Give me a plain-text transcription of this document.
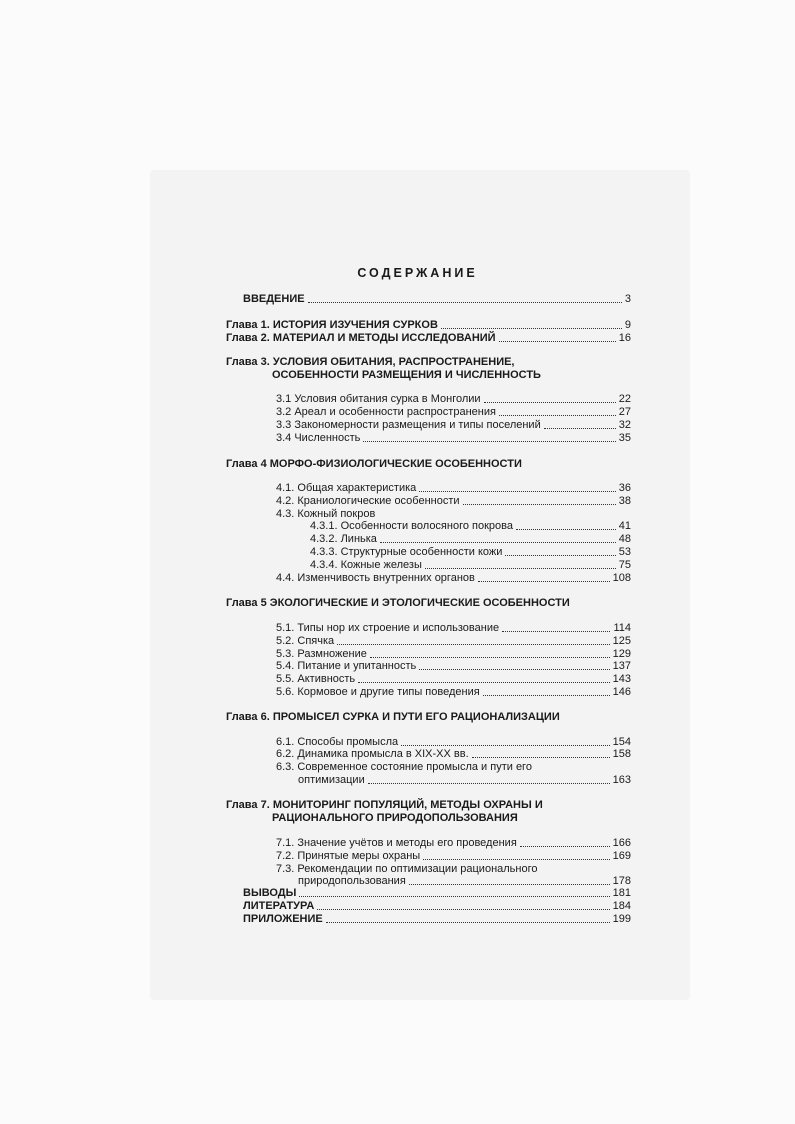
СОДЕРЖАНИЕ
ВВЕДЕНИЕ	3
Глава 1. ИСТОРИЯ ИЗУЧЕНИЯ СУРКОВ	9
Глава 2. МАТЕРИАЛ И МЕТОДЫ ИССЛЕДОВАНИЙ	16
Глава 3. УСЛОВИЯ ОБИТАНИЯ, РАСПРОСТРАНЕНИЕ,
ОСОБЕННОСТИ РАЗМЕЩЕНИЯ И ЧИСЛЕННОСТЬ
3.1 Условия обитания сурка в Монголии	22
3.2 Ареал и особенности распространения	27
3.3 Закономерности размещения и типы поселений	32
3.4 Численность	35
Глава 4 МОРФО-ФИЗИОЛОГИЧЕСКИЕ ОСОБЕННОСТИ
4.1. Общая характеристика	36
4.2. Краниологические особенности	38
4.3. Кожный покров
4.3.1. Особенности волосяного покрова	41
4.3.2. Линька	48
4.3.3. Структурные особенности кожи	53
4.3.4. Кожные железы	75
4.4. Изменчивость внутренних органов	108
Глава 5 ЭКОЛОГИЧЕСКИЕ И ЭТОЛОГИЧЕСКИЕ ОСОБЕННОСТИ
5.1. Типы нор их строение и использование	114
5.2. Спячка	125
5.3. Размножение	129
5.4. Питание и упитанность	137
5.5. Активность	143
5.6. Кормовое и другие типы поведения	146
Глава 6. ПРОМЫСЕЛ СУРКА И ПУТИ ЕГО РАЦИОНАЛИЗАЦИИ
6.1. Способы промысла	154
6.2. Динамика промысла в XIX-XX вв.	158
6.3. Современное состояние промысла и пути его
оптимизации	163
Глава 7. МОНИТОРИНГ ПОПУЛЯЦИЙ, МЕТОДЫ ОХРАНЫ И
РАЦИОНАЛЬНОГО ПРИРОДОПОЛЬЗОВАНИЯ
7.1. Значение учётов и методы его проведения	166
7.2. Принятые меры охраны	169
7.3. Рекомендации по оптимизации рационального
природопользования	178
ВЫВОДЫ	181
ЛИТЕРАТУРА	184
ПРИЛОЖЕНИЕ	199
